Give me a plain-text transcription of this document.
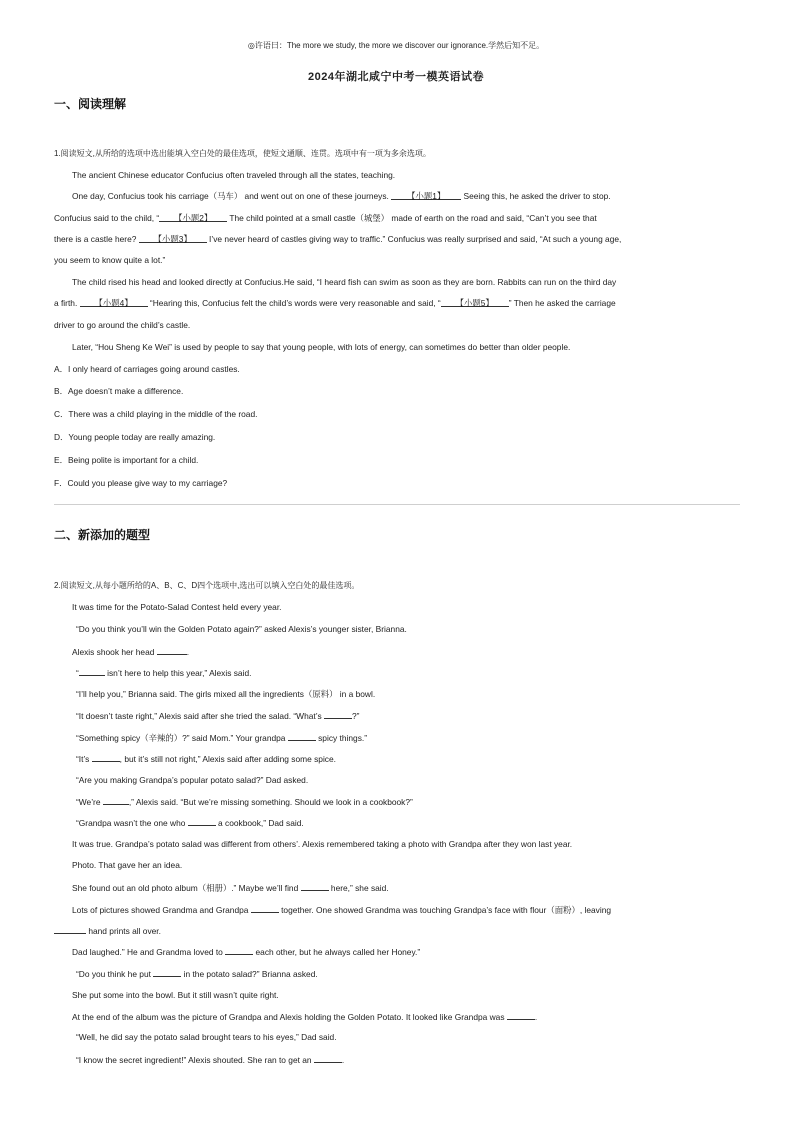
◎许语曰：The more we study, the more we discover our ignorance.学然后知不足。
2024年湖北咸宁中考一模英语试卷
一、阅读理解
1.阅读短文,从所给的选项中选出能填入空白处的最佳选项，使短文通顺、连贯。选项中有一项为多余选项。
The ancient Chinese educator Confucius often traveled through all the states, teaching.
One day, Confucius took his carriage（马车） and went out on one of these journeys. 【小题1】 Seeing this, he asked the driver to stop.
Confucius said to the child, “ 【小题2】 The child pointed at a small castle（城堡） made of earth on the road and said, “Can’t you see that
there is a castle here? 【小题3】 I’ve never heard of castles giving way to traffic.” Confucius was really surprised and said, “At such a young age,
you seem to know quite a lot.”
The child rised his head and looked directly at Confucius.He said, “I heard fish can swim as soon as they are born. Rabbits can run on the third day
a firth. 【小题4】 “Hearing this, Confucius felt the child’s words were very reasonable and said, “ 【小题5】 ” Then he asked the carriage
driver to go around the child’s castle.
Later, “Hou Sheng Ke Wei” is used by people to say that young people, with lots of energy, can sometimes do better than older people.
A．I only heard of carriages going around castles.
B．Age doesn’t make a difference.
C．There was a child playing in the middle of the road.
D．Young people today are really amazing.
E．Being polite is important for a child.
F．Could you please give way to my carriage?
二、新添加的题型
2.阅读短文,从每小题所给的A、B、C、D四个选项中,选出可以填入空白处的最佳选项。
It was time for the Potato-Salad Contest held every year.
“Do you think you’ll win the Golden Potato again?” asked Alexis’s younger sister, Brianna.
Alexis shook her head	.
“	isn’t here to help this year,” Alexis said.
“I’ll help you,” Brianna said. The girls mixed all the ingredients（原料） in a bowl.
“It doesn’t taste right,” Alexis said after she tried the salad. “What’s	?”
“Something spicy（辛辣的）?” said Mom.” Your grandpa	spicy things.”
“It’s	, but it’s still not right,” Alexis said after adding some spice.
“Are you making Grandpa’s popular potato salad?” Dad asked.
“We’re	,” Alexis said. “But we’re missing something. Should we look in a cookbook?”
“Grandpa wasn’t the one who	a cookbook,” Dad said.
It was true. Grandpa’s potato salad was different from others’. Alexis remembered taking a photo with Grandpa after they won last year.
Photo. That gave her an idea.
She found out an old photo album（相册）.” Maybe we’ll find	here,” she said.
Lots of pictures showed Grandma and Grandpa	together. One showed Grandma was touching Grandpa’s face with flour（面粉）, leaving
hand prints all over.
Dad laughed.” He and Grandma loved to	each other, but he always called her Honey.”
“Do you think he put	in the potato salad?” Brianna asked.
She put some into the bowl. But it still wasn’t quite right.
At the end of the album was the picture of Grandpa and Alexis holding the Golden Potato. It looked like Grandpa was	.
“Well, he did say the potato salad brought tears to his eyes,” Dad said.
“I know the secret ingredient!” Alexis shouted. She ran to get an	.
